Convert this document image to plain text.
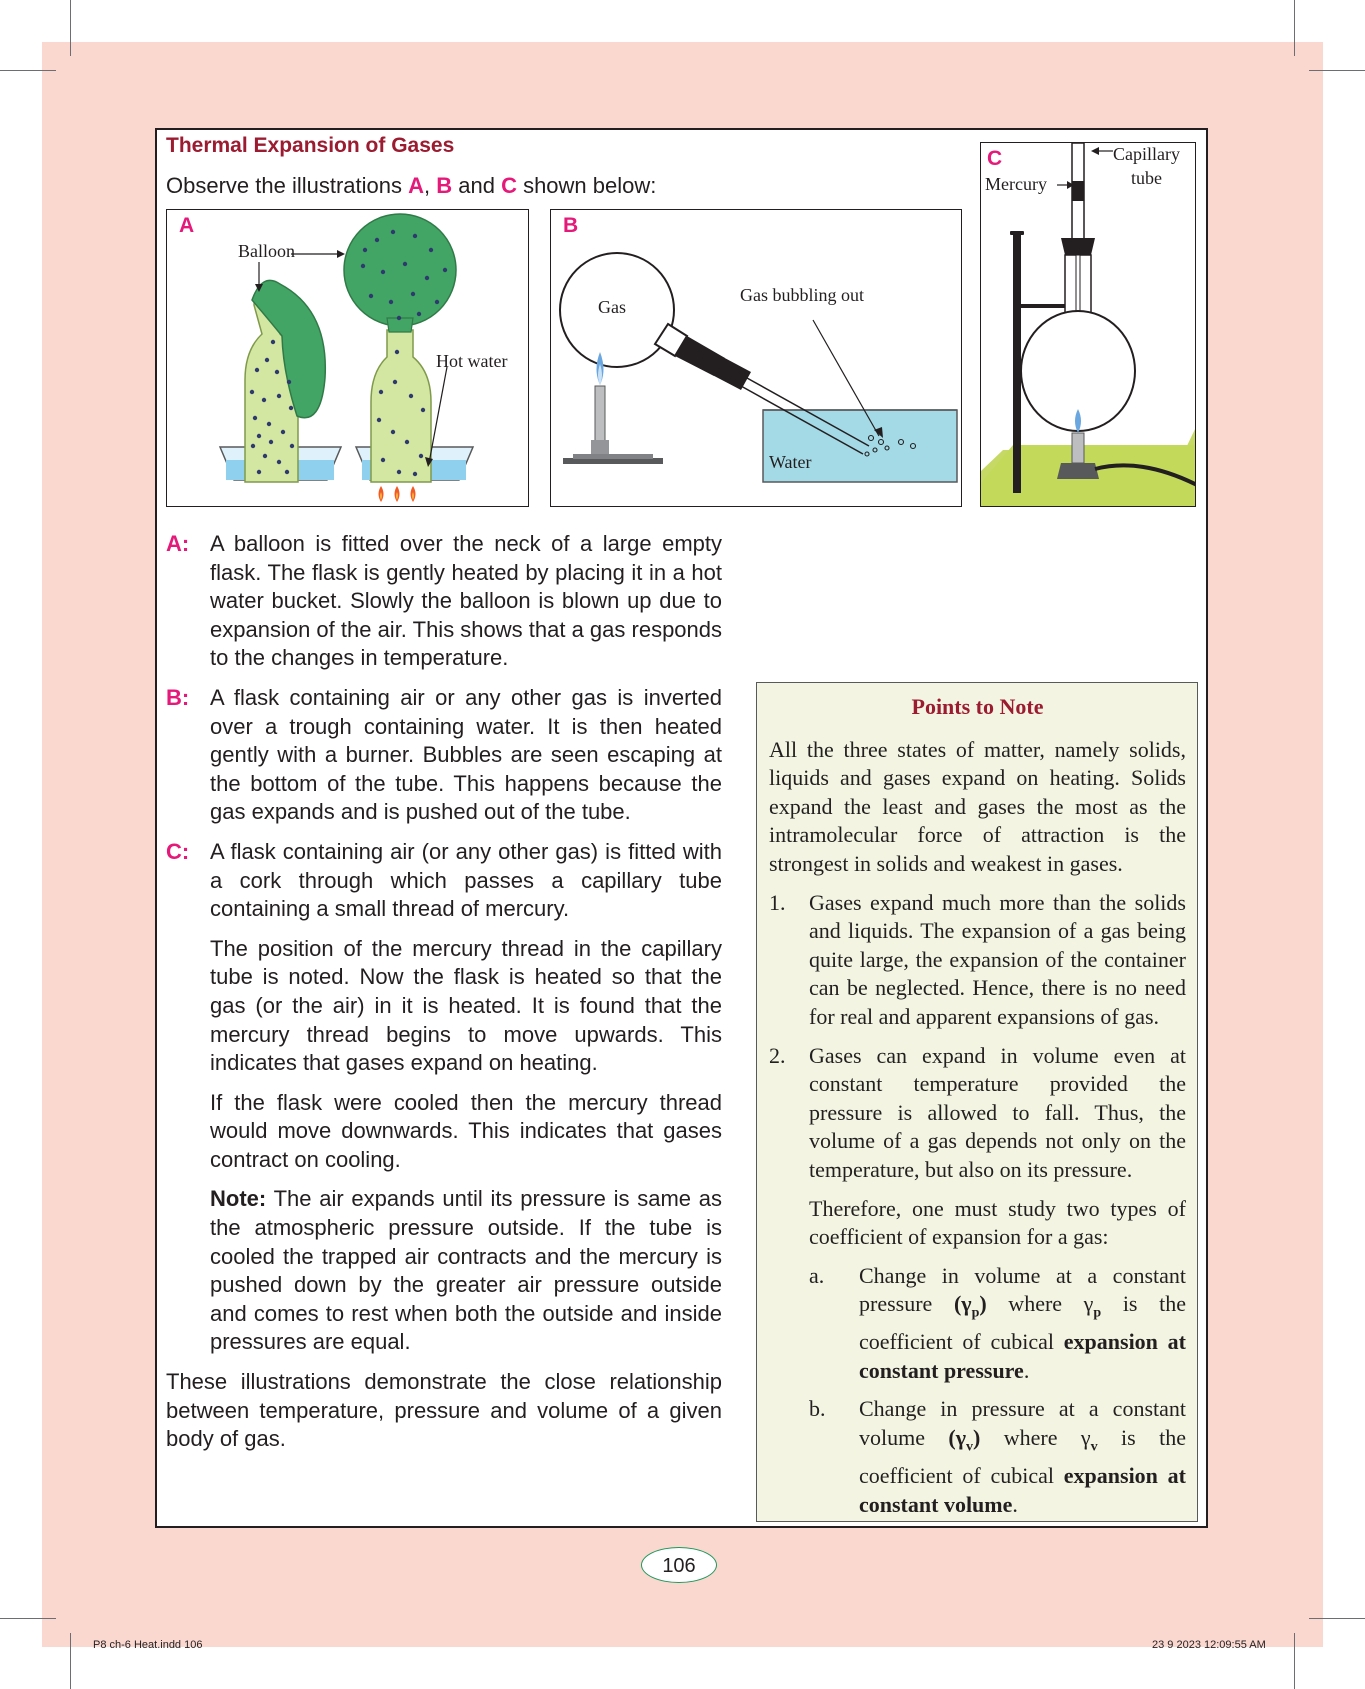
Thermal Expansion of Gases

Observe the illustrations A, B and C shown below:

A
Balloon
Hot water
B
Gas
Gas bubbling out
Water
C
Mercury
Capillary
tube

A: A balloon is fitted over the neck of a large empty flask. The flask is gently heated by placing it in a hot water bucket. Slowly the balloon is blown up due to expansion of the air. This shows that a gas responds to the changes in temperature.

B: A flask containing air or any other gas is inverted over a trough containing water. It is then heated gently with a burner. Bubbles are seen escaping at the bottom of the tube. This happens because the gas expands and is pushed out of the tube.

C: A flask containing air (or any other gas) is fitted with a cork through which passes a capillary tube containing a small thread of mercury.

The position of the mercury thread in the capillary tube is noted. Now the flask is heated so that the gas (or the air) in it is heated. It is found that the mercury thread begins to move upwards. This indicates that gases expand on heating.

If the flask were cooled then the mercury thread would move downwards. This indicates that gases contract on cooling.

Note: The air expands until its pressure is same as the atmospheric pressure outside. If the tube is cooled the trapped air contracts and the mercury is pushed down by the greater air pressure outside and comes to rest when both the outside and inside pressures are equal.

These illustrations demonstrate the close relationship between temperature, pressure and volume of a given body of gas.

Points to Note

All the three states of matter, namely solids, liquids and gases expand on heating. Solids expand the least and gases the most as the intramolecular force of attraction is the strongest in solids and weakest in gases.

1. Gases expand much more than the solids and liquids. The expansion of a gas being quite large, the expansion of the container can be neglected. Hence, there is no need for real and apparent expansions of gas.

2. Gases can expand in volume even at constant temperature provided the pressure is allowed to fall. Thus, the volume of a gas depends not only on the temperature, but also on its pressure.

Therefore, one must study two types of coefficient of expansion for a gas:

a. Change in volume at a constant pressure $(\gamma_p)$ where $\gamma_p$ is the coefficient of cubical expansion at constant pressure.

b. Change in pressure at a constant volume $(\gamma_v)$ where $\gamma_v$ is the coefficient of cubical expansion at constant volume.

106
P8 ch-6 Heat.indd 106	23 9 2023 12:09:55 AM
